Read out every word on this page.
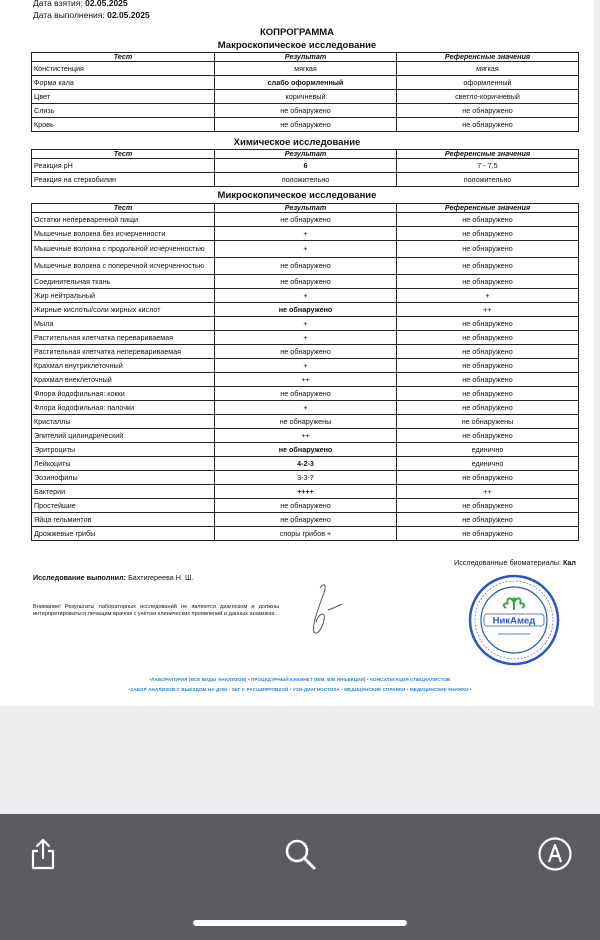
Дата взятия: 02.05.2025
Дата выполнения: 02.05.2025
КОПРОГРАММА
Макроскопическое исследование
Тест	Результат	Референсные значения
Констистенция	мягкая	мягкая
Форма кала	слабо оформленный	оформленный
Цвет	коричневый	светло-коричневый
Слизь	не обнаружено	не обнаружено
Кровь	не обнаружено	не обнаружено
Химическое исследование
Тест	Результат	Референсные значения
Реакция рН	6	7 - 7,5
Реакция на стеркобилин	положительно	положительно
Микроскопическое исследование
Тест	Результат	Референсные значения
Остатки непереваренной пищи	не обнаружено	не обнаружено
Мышечные волокна без исчерченности	+	не обнаружено
Мышечные волокна с продольной исчерченностью	+	не обнаружено
Мышечные волокна с поперечной исчерченностью	не обнаружено	не обнаружено
Соединительная ткань	не обнаружено	не обнаружено
Жир нейтральный	+	+
Жирные кислоты/соли жирных кислот	не обнаружено	++
Мыла	+	не обнаружено
Растительная клетчатка перевариваемая	+	не обнаружено
Растительная клетчатка неперевариваемая	не обнаружено	не обнаружено
Крахмал внутриклеточный	+	не обнаружено
Крахмал внеклеточный	++	не обнаружено
Флора йодофильная: кокки	не обнаружено	не обнаружено
Флора йодофильная: палочки	+	не обнаружено
Кристаллы	не обнаружены	не обнаружены
Эпителий цилиндрический	++	не обнаружено
Эритроциты	не обнаружено	единично
Лейкоциты	4-2-3	единично
Эозинофилы	3-3-7	не обнаружено
Бактерии	++++	++
Простейшие	не обнаружено	не обнаружено
Яйца гельминтов	не обнаружено	не обнаружено
Дрожжевые грибы	споры грибов +	не обнаружено
Исследованные биоматериалы: Кал
Исследование выполнил: Бахтигереева Н. Ш.
Внимание! Результаты лабораторных исследований не являются диагнозом и должны интерпретироваться лечащим врачом с учётом клинических проявлений и данных анамнеза.
НикАмед
•ЛАБОРАТОРИЯ (ВСЕ ВИДЫ АНАЛИЗОВ) • ПРОЦЕДУРНЫЙ КАБИНЕТ (В/М, В/В ИНЪЕКЦИИ) • КОНСУЛЬТАЦИЯ СПЕЦИАЛИСТОВ
•ЗАБОР АНАЛИЗОВ С ВЫЕЗДОМ НА ДОМ • ЭКГ С РАСШИФРОВКОЙ • УЗИ-ДИАГНОСТИКА • МЕДИЦИНСКИЕ СПРАВКИ • МЕДИЦИНСКИЕ КНИЖКИ •
